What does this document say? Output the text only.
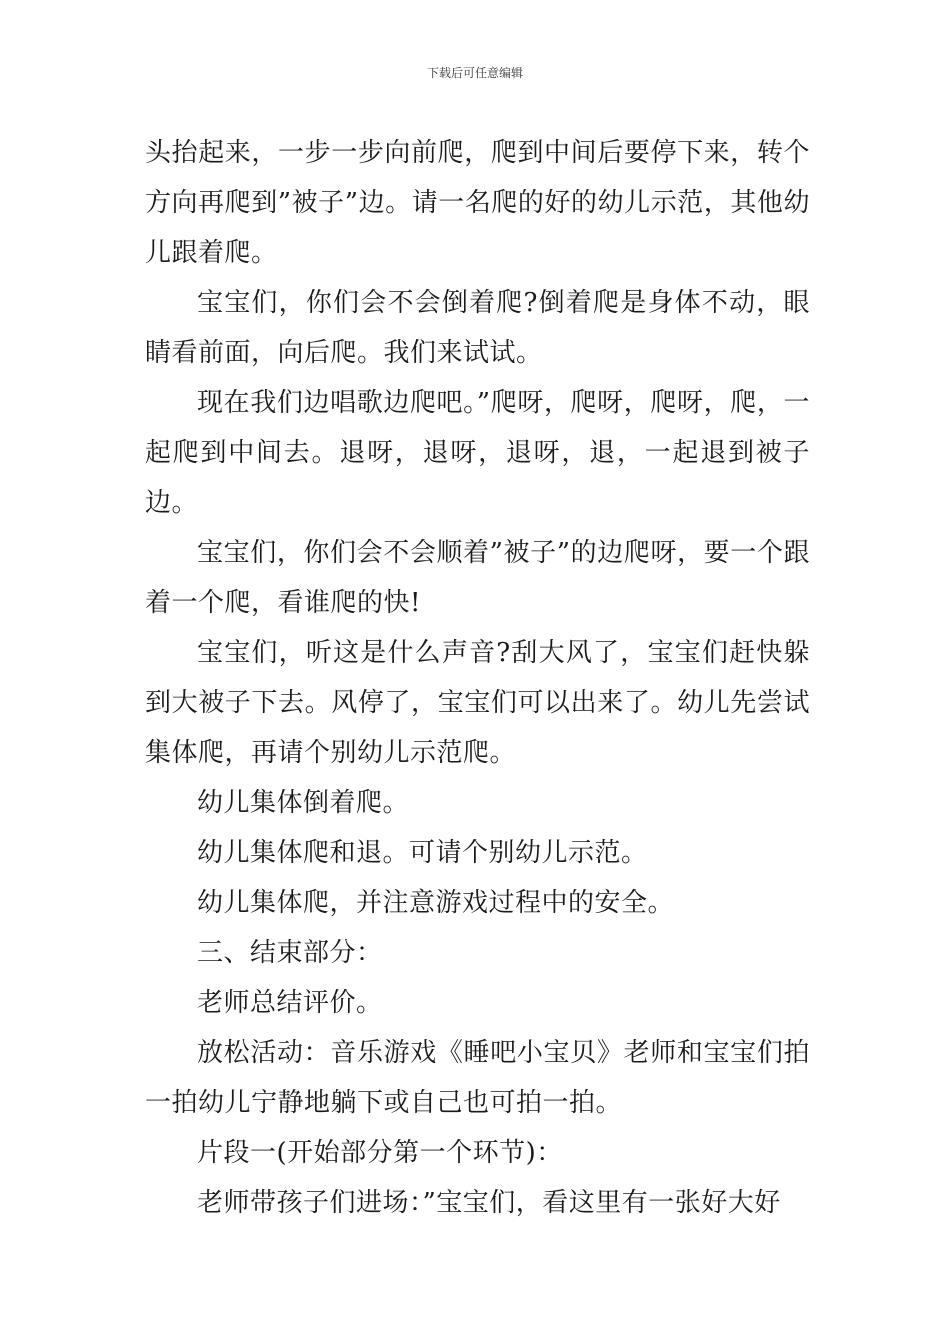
下载后可任意编辑

头抬起来，一步一步向前爬，爬到中间后要停下来，转个方向再爬到”被子”边。请一名爬的好的幼儿示范，其他幼儿跟着爬。

宝宝们，你们会不会倒着爬?倒着爬是身体不动，眼睛看前面，向后爬。我们来试试。

现在我们边唱歌边爬吧。”爬呀，爬呀，爬呀，爬，一起爬到中间去。退呀，退呀，退呀，退，一起退到被子边。

宝宝们，你们会不会顺着”被子”的边爬呀，要一个跟着一个爬，看谁爬的快!

宝宝们，听这是什么声音?刮大风了，宝宝们赶快躲到大被子下去。风停了，宝宝们可以出来了。幼儿先尝试集体爬，再请个别幼儿示范爬。

幼儿集体倒着爬。

幼儿集体爬和退。可请个别幼儿示范。

幼儿集体爬，并注意游戏过程中的安全。

三、结束部分：

老师总结评价。

放松活动：音乐游戏《睡吧小宝贝》老师和宝宝们拍一拍幼儿宁静地躺下或自己也可拍一拍。

片段一(开始部分第一个环节)：

老师带孩子们进场：”宝宝们，看这里有一张好大好
